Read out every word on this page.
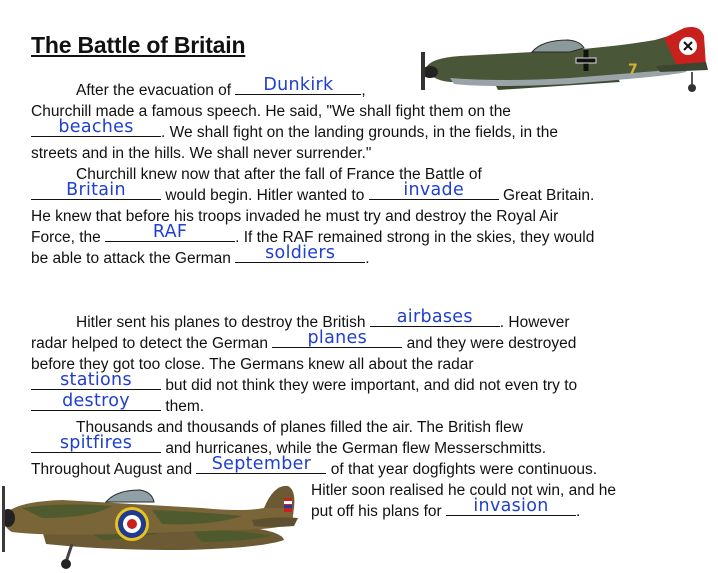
The Battle of Britain
7
After the evacuation of	Dunkirk	,
Churchill made a famous speech. He said, "We shall fight them on the
beaches	. We shall fight on the landing grounds, in the fields, in the
streets and in the hills. We shall never surrender."
Churchill knew now that after the fall of France the Battle of
Britain	would begin. Hitler wanted to	invade	Great Britain.
He knew that before his troops invaded he must try and destroy the Royal Air
Force, the	RAF	. If the RAF remained strong in the skies, they would
be able to attack the German	soldiers	.
Hitler sent his planes to destroy the British	airbases	. However
radar helped to detect the German	planes	and they were destroyed
before they got too close. The Germans knew all about the radar
stations	but did not think they were important, and did not even try to
destroy	them.
Thousands and thousands of planes filled the air. The British flew
spitfires	and hurricanes, while the German flew Messerschmitts.
Throughout August and	September	of that year dogfights were continuous.
Hitler soon realised he could not win, and he
put off his plans for	invasion	.
